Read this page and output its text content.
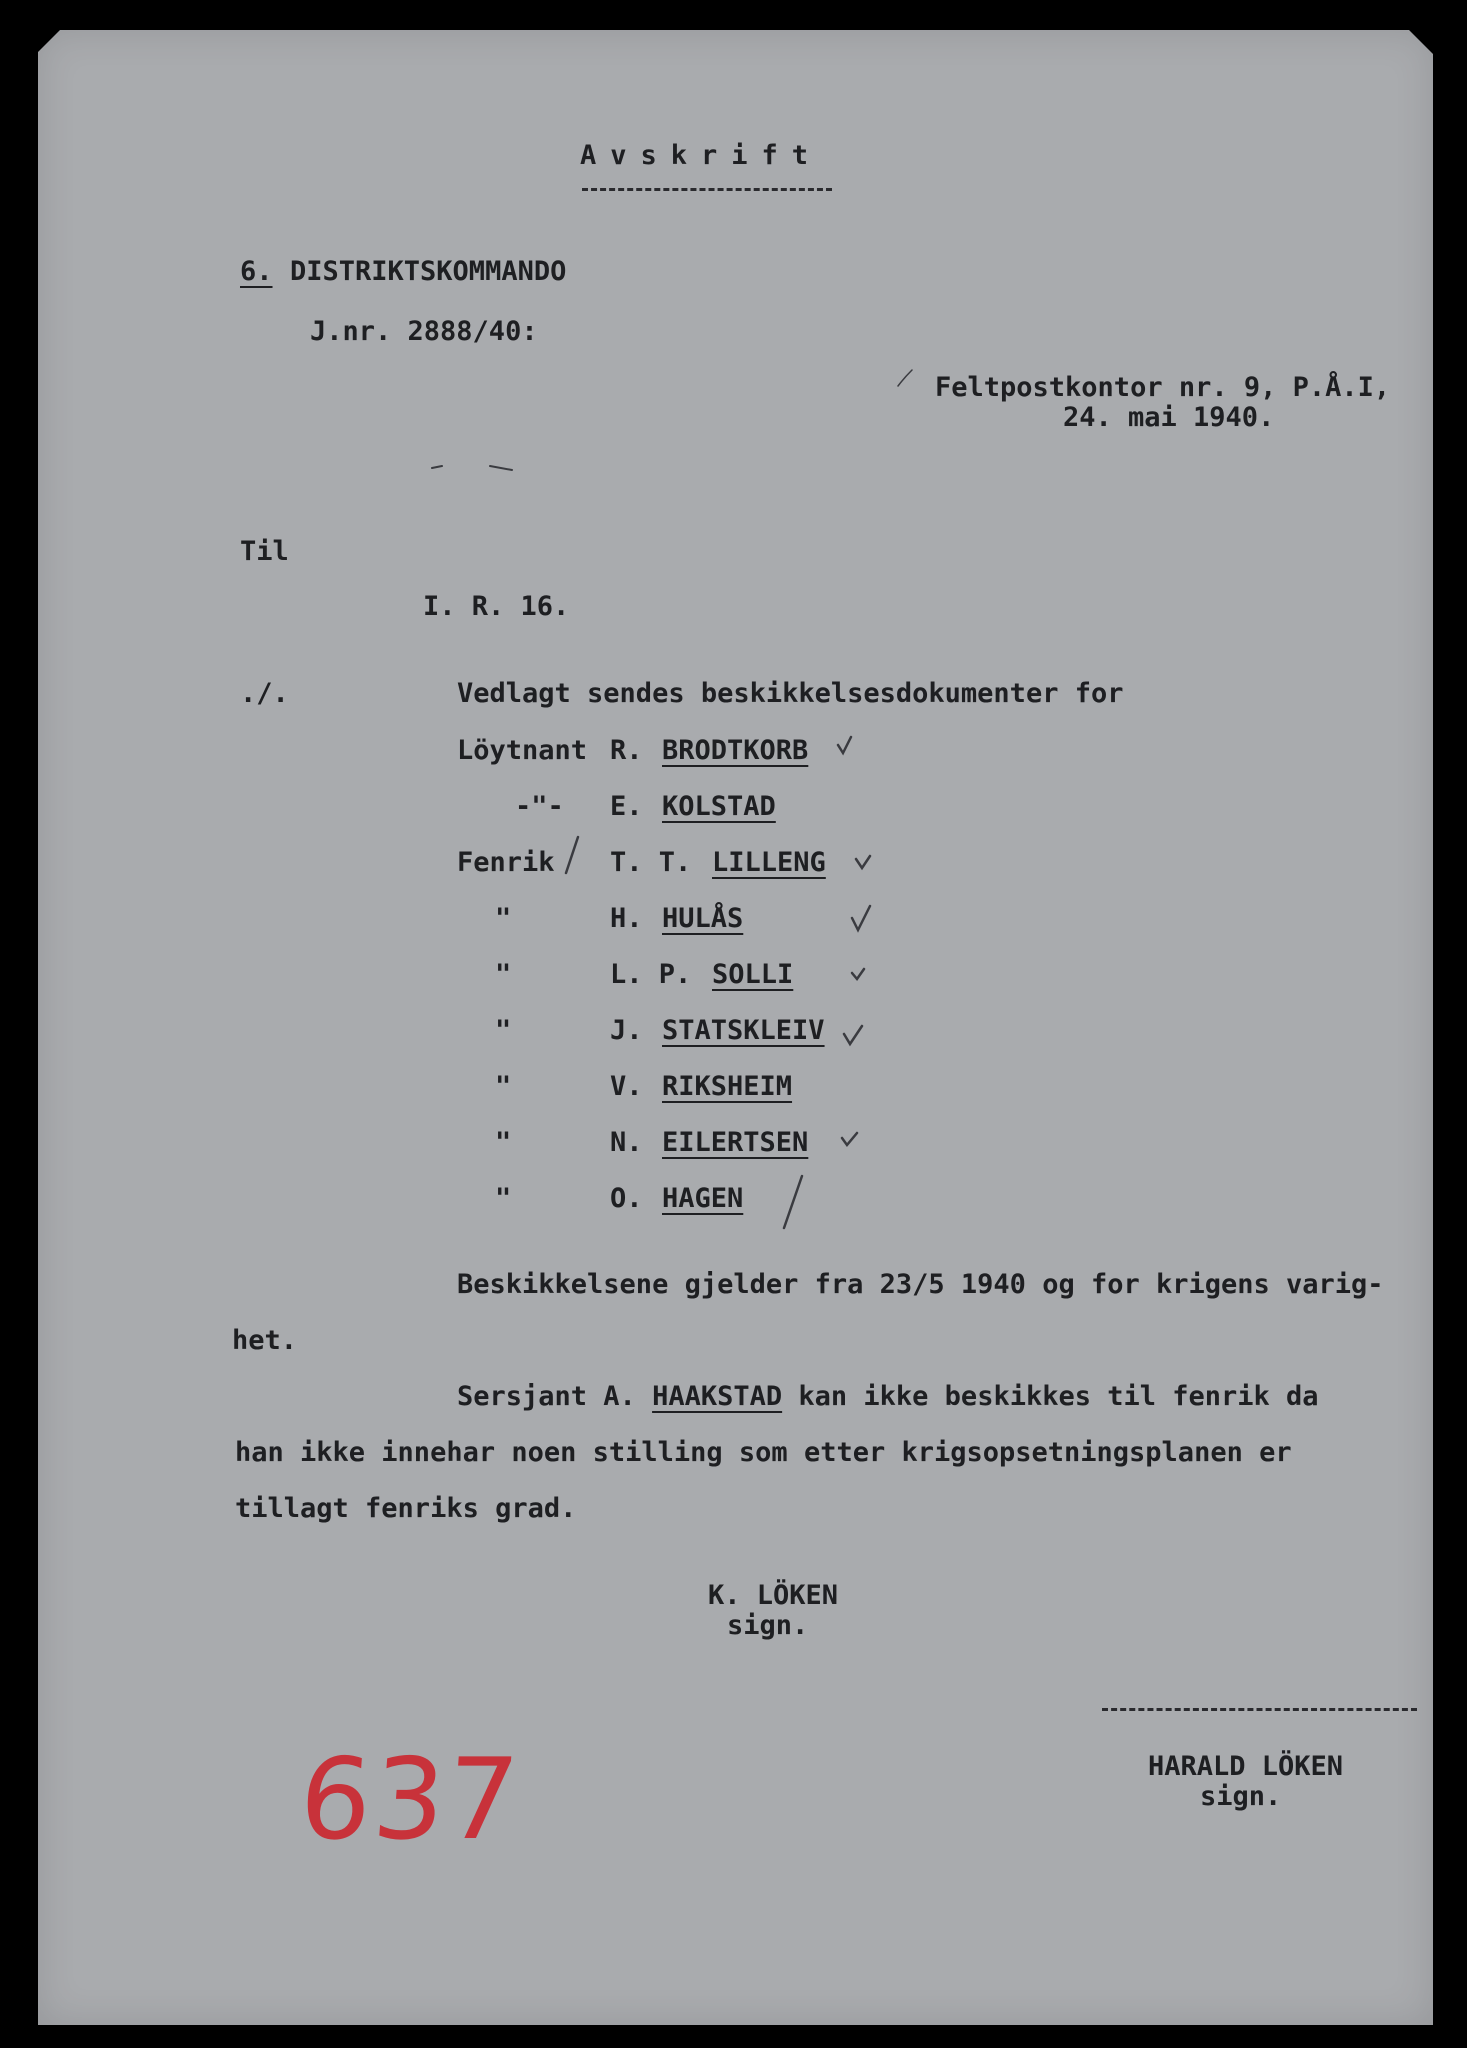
Avskrift

6. DISTRIKTSKOMMANDO

J.nr. 2888/40:

Feltpostkontor nr. 9, P.Å.I,

24. mai 1940.

Til

I. R. 16.

./.	Vedlagt sendes beskikkelsesdokumenter for

Löytnant R. BRODTKORB

-"- E. KOLSTAD

Fenrik T. T. LILLENG

"	H. HULÅS

"	L. P. SOLLI

"	J. STATSKLEIV

"	V. RIKSHEIM

"	N. EILERTSEN

"	O. HAGEN

Beskikkelsene gjelder fra 23/5 1940 og for krigens varig-

het.

Sersjant A. HAAKSTAD kan ikke beskikkes til fenrik da

han ikke innehar noen stilling som etter krigsopsetningsplanen er

tillagt fenriks grad.

K. LÖKEN

sign.

HARALD LÖKEN

sign.

637
